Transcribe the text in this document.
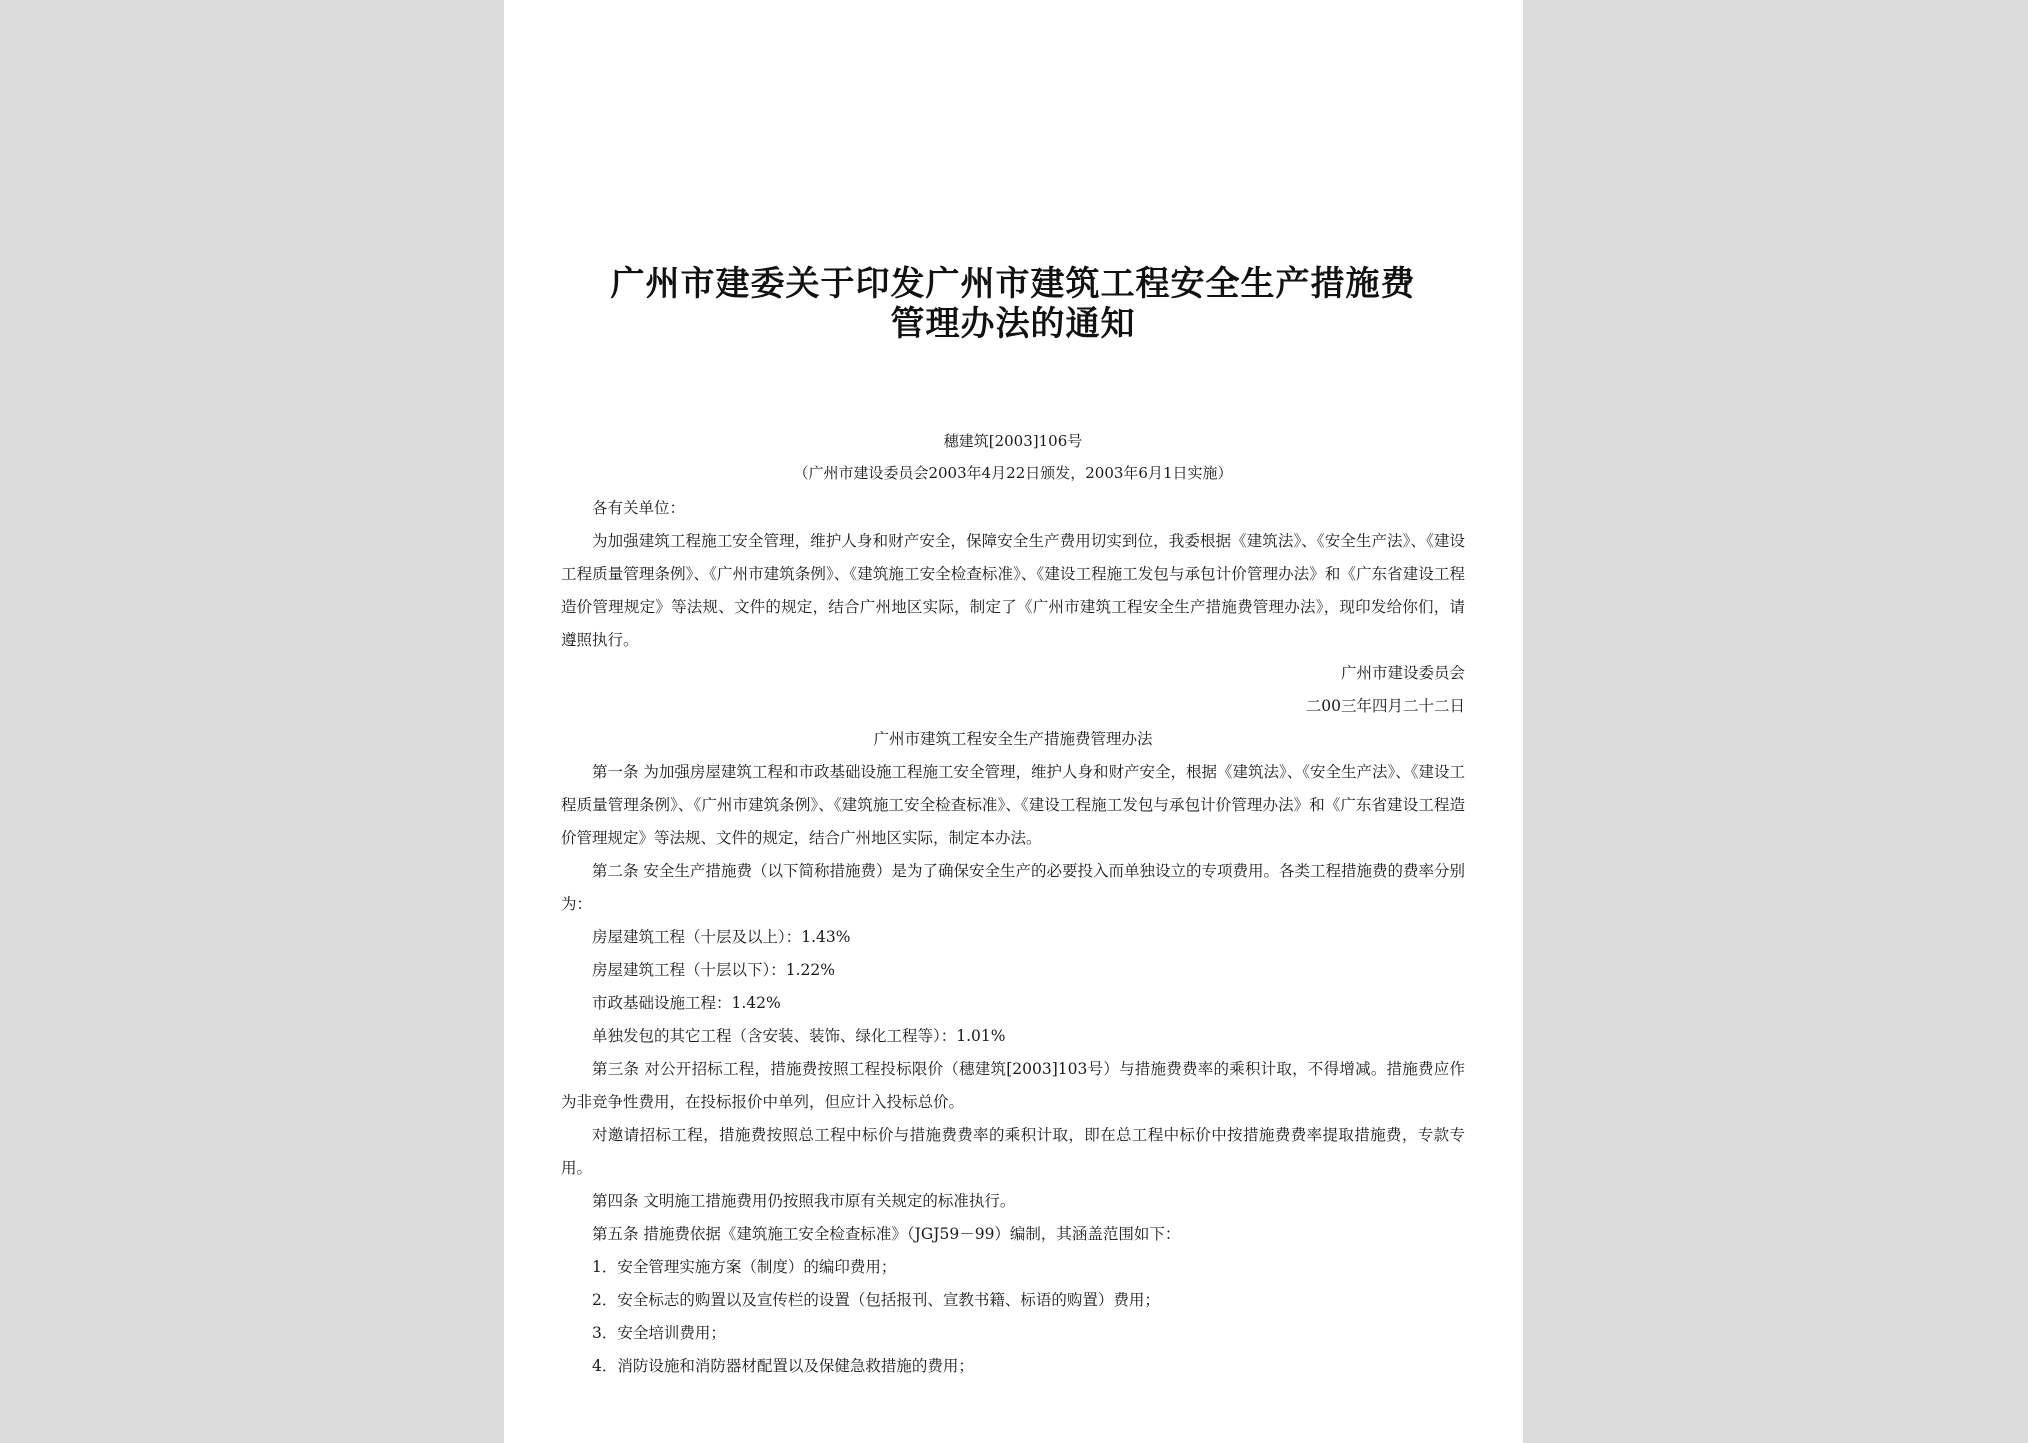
广州市建委关于印发广州市建筑工程安全生产措施费
管理办法的通知
穗建筑[2003]106号
（广州市建设委员会2003年4月22日颁发，2003年6月1日实施）

各有关单位：

为加强建筑工程施工安全管理，维护人身和财产安全，保障安全生产费用切实到位，我委根据《建筑法》、《安全生产法》、《建设工程质量管理条例》、《广州市建筑条例》、《建筑施工安全检查标准》、《建设工程施工发包与承包计价管理办法》和《广东省建设工程造价管理规定》等法规、文件的规定，结合广州地区实际，制定了《广州市建筑工程安全生产措施费管理办法》，现印发给你们，请遵照执行。

广州市建设委员会

二00三年四月二十二日

广州市建筑工程安全生产措施费管理办法

第一条 为加强房屋建筑工程和市政基础设施工程施工安全管理，维护人身和财产安全，根据《建筑法》、《安全生产法》、《建设工程质量管理条例》、《广州市建筑条例》、《建筑施工安全检查标准》、《建设工程施工发包与承包计价管理办法》和《广东省建设工程造价管理规定》等法规、文件的规定，结合广州地区实际，制定本办法。

第二条 安全生产措施费（以下简称措施费）是为了确保安全生产的必要投入而单独设立的专项费用。各类工程措施费的费率分别为：

房屋建筑工程（十层及以上）：1.43%

房屋建筑工程（十层以下）：1.22%

市政基础设施工程：1.42%

单独发包的其它工程（含安装、装饰、绿化工程等）：1.01%

第三条 对公开招标工程，措施费按照工程投标限价（穗建筑[2003]103号）与措施费费率的乘积计取，不得增减。措施费应作为非竞争性费用，在投标报价中单列，但应计入投标总价。

对邀请招标工程，措施费按照总工程中标价与措施费费率的乘积计取，即在总工程中标价中按措施费费率提取措施费，专款专用。

第四条 文明施工措施费用仍按照我市原有关规定的标准执行。

第五条 措施费依据《建筑施工安全检查标准》（JGJ59－99）编制，其涵盖范围如下：

1．安全管理实施方案（制度）的编印费用；

2．安全标志的购置以及宣传栏的设置（包括报刊、宣教书籍、标语的购置）费用；

3．安全培训费用；

4．消防设施和消防器材配置以及保健急救措施的费用；
